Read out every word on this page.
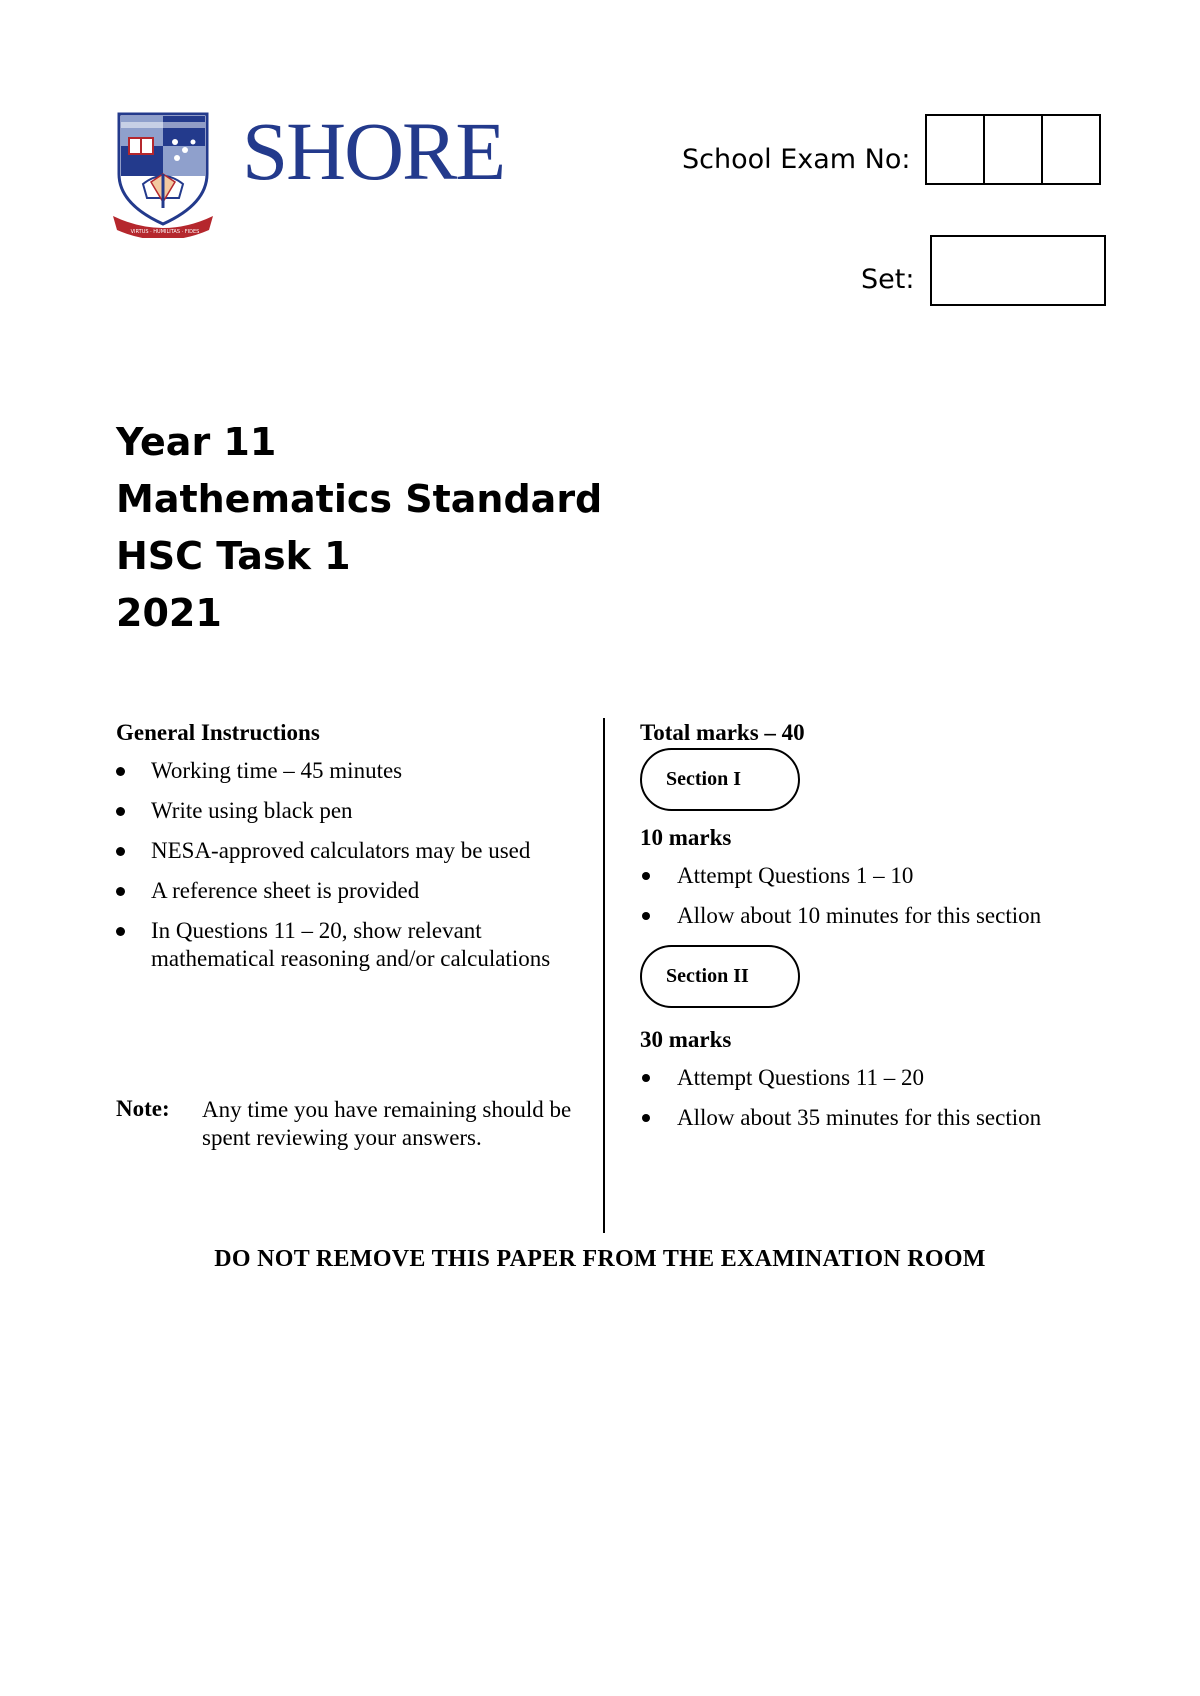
SHORE
VIRTUS · HUMILITAS · FIDES
School Exam No:
Set:
Year 11
Mathematics Standard
HSC Task 1
2021
General Instructions
Working time – 45 minutes
Write using black pen
NESA-approved calculators may be used
A reference sheet is provided
In Questions 11 – 20, show relevant mathematical reasoning and/or calculations
Note: Any time you have remaining should be spent reviewing your answers.
Total marks – 40
Section I
10 marks
Attempt Questions 1 – 10
Allow about 10 minutes for this section
Section II
30 marks
Attempt Questions 11 – 20
Allow about 35 minutes for this section
DO NOT REMOVE THIS PAPER FROM THE EXAMINATION ROOM
